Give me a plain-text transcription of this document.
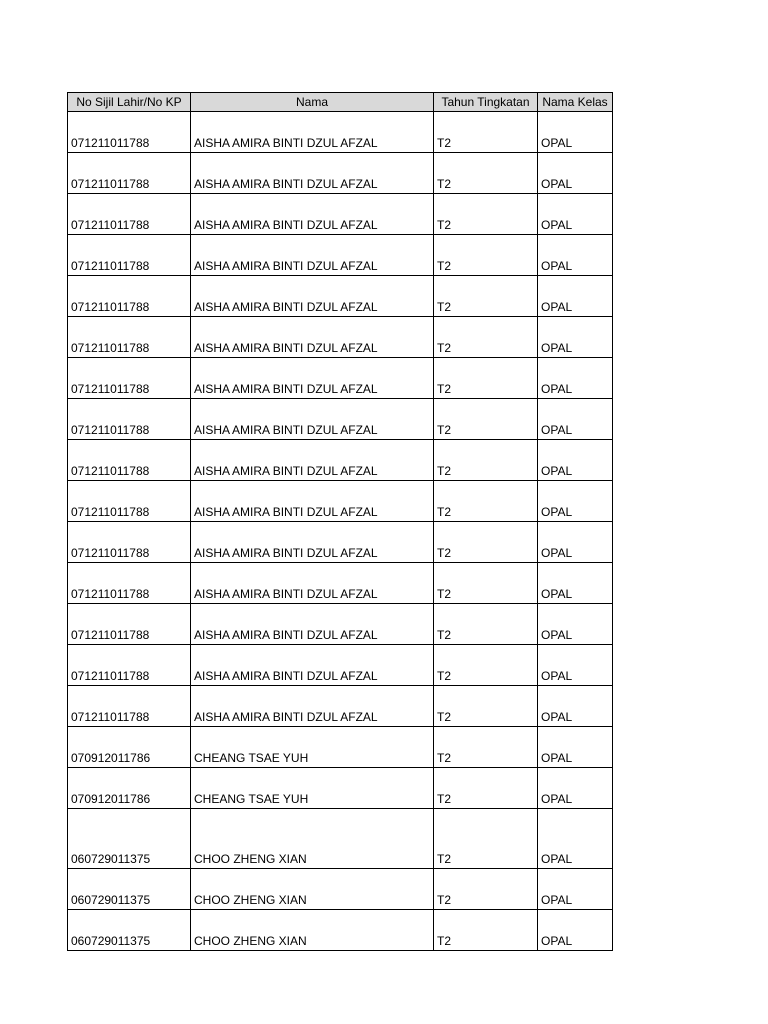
No Sijil Lahir/No KP	Nama	Tahun Tingkatan	Nama Kelas
071211011788	AISHA AMIRA BINTI DZUL AFZAL	T2	OPAL
071211011788	AISHA AMIRA BINTI DZUL AFZAL	T2	OPAL
071211011788	AISHA AMIRA BINTI DZUL AFZAL	T2	OPAL
071211011788	AISHA AMIRA BINTI DZUL AFZAL	T2	OPAL
071211011788	AISHA AMIRA BINTI DZUL AFZAL	T2	OPAL
071211011788	AISHA AMIRA BINTI DZUL AFZAL	T2	OPAL
071211011788	AISHA AMIRA BINTI DZUL AFZAL	T2	OPAL
071211011788	AISHA AMIRA BINTI DZUL AFZAL	T2	OPAL
071211011788	AISHA AMIRA BINTI DZUL AFZAL	T2	OPAL
071211011788	AISHA AMIRA BINTI DZUL AFZAL	T2	OPAL
071211011788	AISHA AMIRA BINTI DZUL AFZAL	T2	OPAL
071211011788	AISHA AMIRA BINTI DZUL AFZAL	T2	OPAL
071211011788	AISHA AMIRA BINTI DZUL AFZAL	T2	OPAL
071211011788	AISHA AMIRA BINTI DZUL AFZAL	T2	OPAL
071211011788	AISHA AMIRA BINTI DZUL AFZAL	T2	OPAL
070912011786	CHEANG TSAE YUH	T2	OPAL
070912011786	CHEANG TSAE YUH	T2	OPAL
060729011375	CHOO ZHENG XIAN	T2	OPAL
060729011375	CHOO ZHENG XIAN	T2	OPAL
060729011375	CHOO ZHENG XIAN	T2	OPAL
